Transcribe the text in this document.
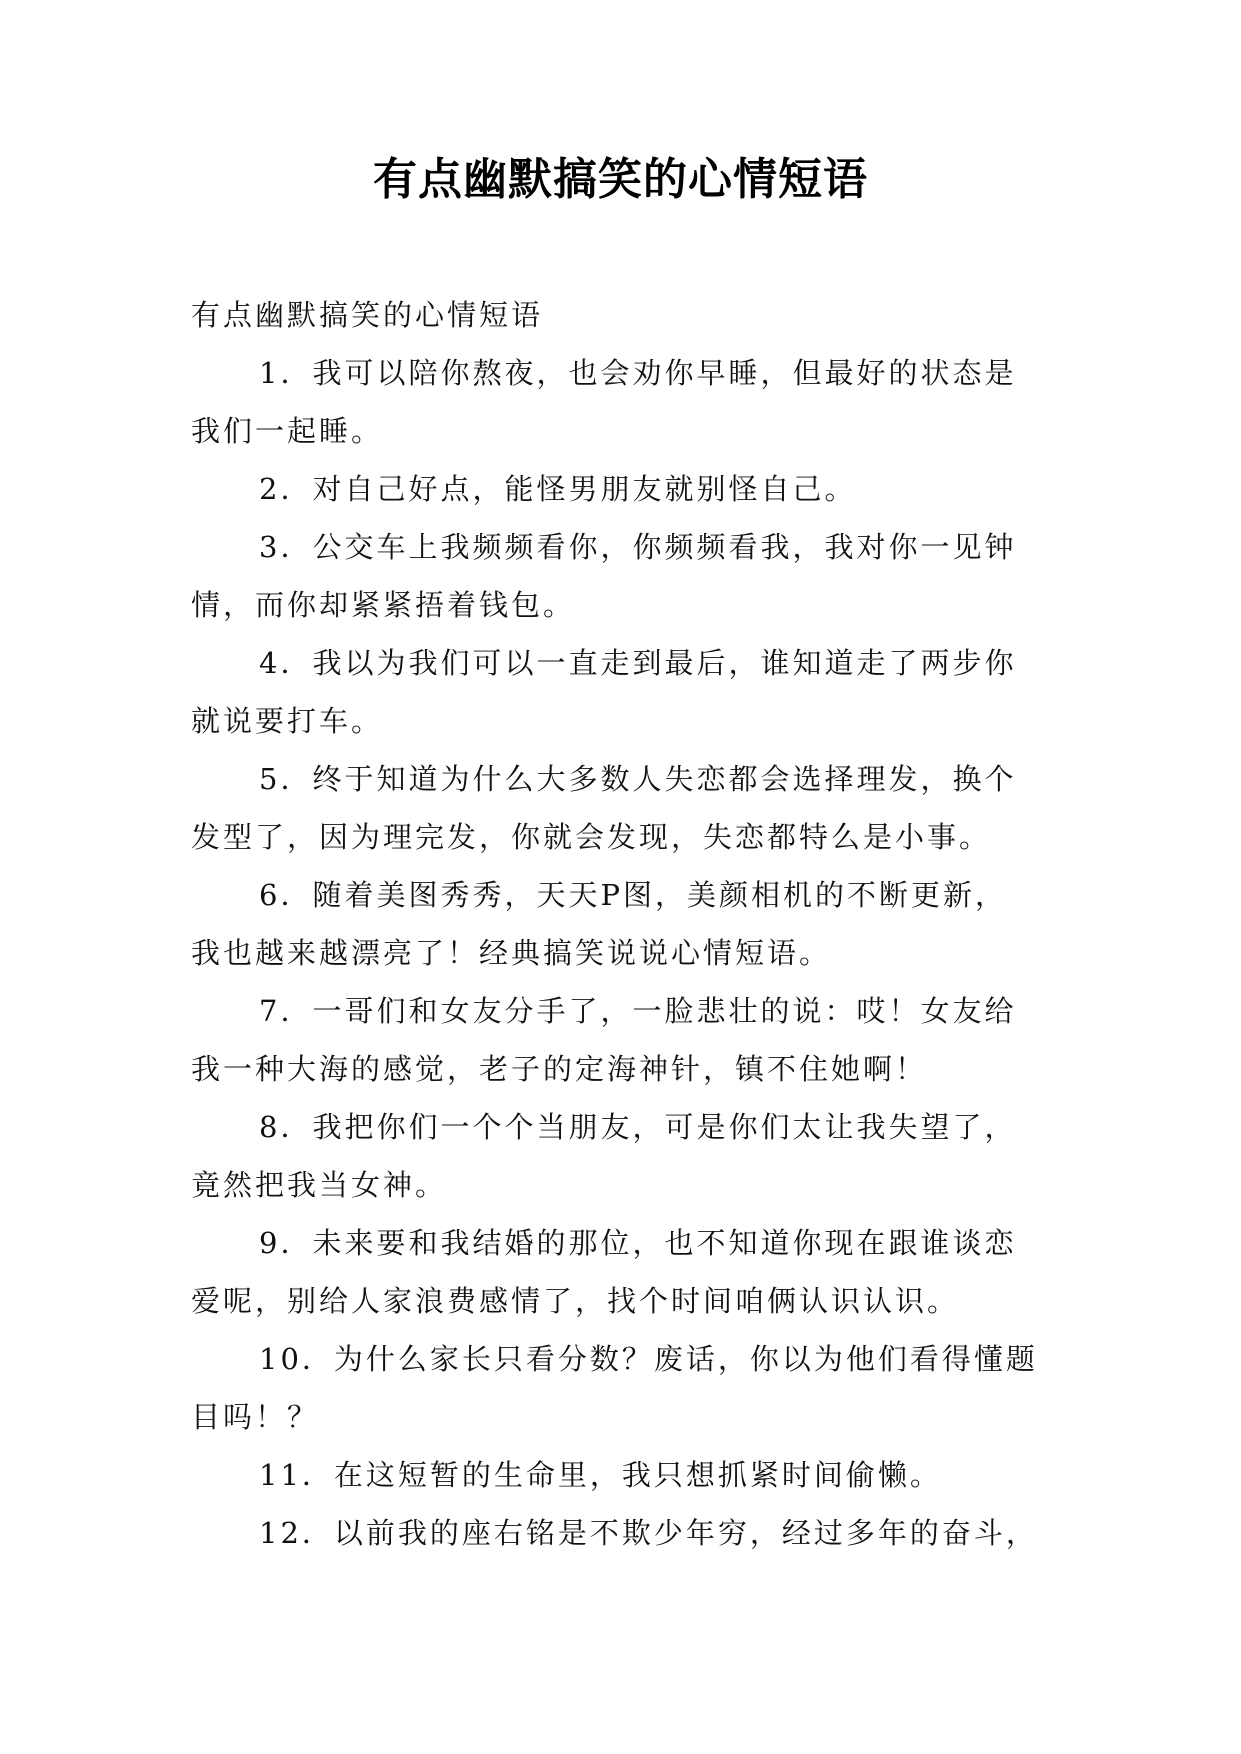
有点幽默搞笑的心情短语
有点幽默搞笑的心情短语
1．我可以陪你熬夜，也会劝你早睡，但最好的状态是
我们一起睡。
2．对自己好点，能怪男朋友就别怪自己。
3．公交车上我频频看你，你频频看我，我对你一见钟
情，而你却紧紧捂着钱包。
4．我以为我们可以一直走到最后，谁知道走了两步你
就说要打车。
5．终于知道为什么大多数人失恋都会选择理发，换个
发型了，因为理完发，你就会发现，失恋都特么是小事。
6．随着美图秀秀，天天P图，美颜相机的不断更新，
我也越来越漂亮了！经典搞笑说说心情短语。
7．一哥们和女友分手了，一脸悲壮的说：哎！女友给
我一种大海的感觉，老子的定海神针，镇不住她啊！
8．我把你们一个个当朋友，可是你们太让我失望了，
竟然把我当女神。
9．未来要和我结婚的那位，也不知道你现在跟谁谈恋
爱呢，别给人家浪费感情了，找个时间咱俩认识认识。
10．为什么家长只看分数？废话，你以为他们看得懂题
目吗！？
11．在这短暂的生命里，我只想抓紧时间偷懒。
12．以前我的座右铭是不欺少年穷，经过多年的奋斗，
